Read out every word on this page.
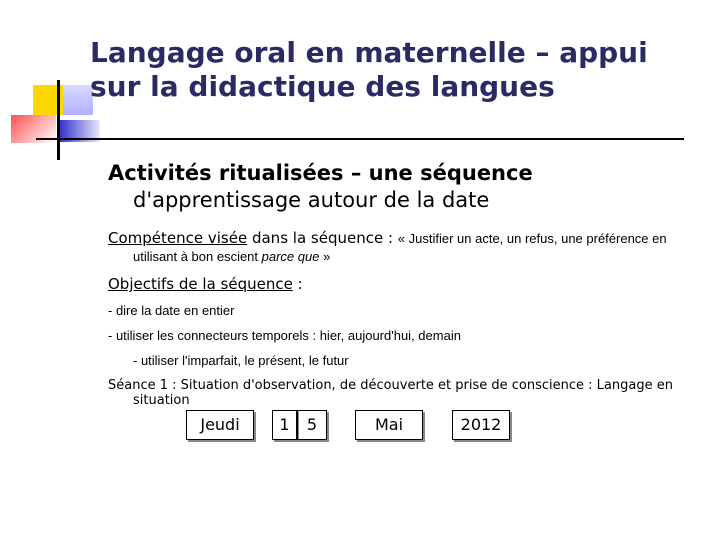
Langage oral en maternelle – appui sur la didactique des langues
Activités ritualisées – une séquence
d'apprentissage autour de la date
Compétence visée dans la séquence : « Justifier un acte, un refus, une préférence en
utilisant à bon escient parce que »
Objectifs de la séquence :
- dire la date en entier
- utiliser les connecteurs temporels : hier, aujourd'hui, demain
- utiliser l'imparfait, le présent, le futur
Séance 1 : Situation d'observation, de découverte et prise de conscience : Langage en
situation
Jeudi	1	5	Mai	2012
